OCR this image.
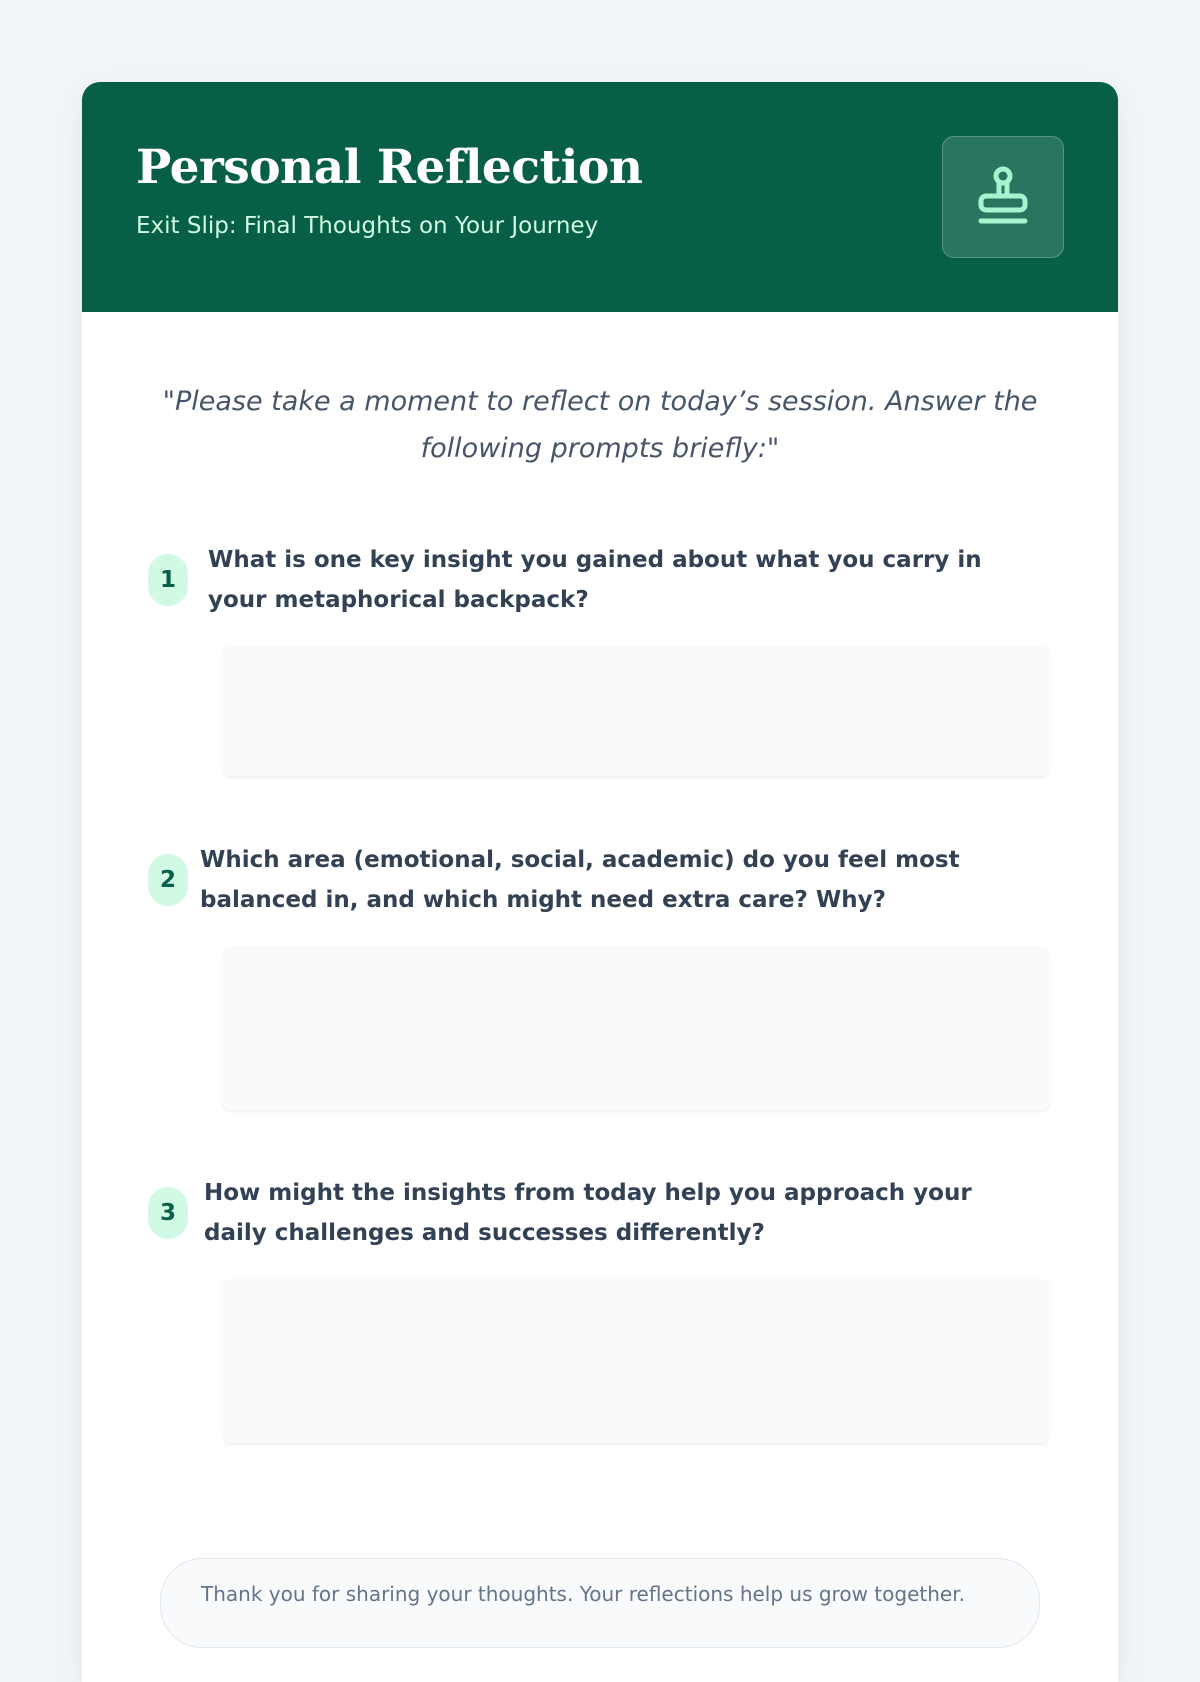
Personal Reflection
Exit Slip: Final Thoughts on Your Journey

"Please take a moment to reflect on today’s session. Answer the following prompts briefly:"

1
What is one key insight you gained about what you carry in your metaphorical backpack?
2
Which area (emotional, social, academic) do you feel most balanced in, and which might need extra care? Why?
3
How might the insights from today help you approach your daily challenges and successes differently?
Thank you for sharing your thoughts. Your reflections help us grow together.
